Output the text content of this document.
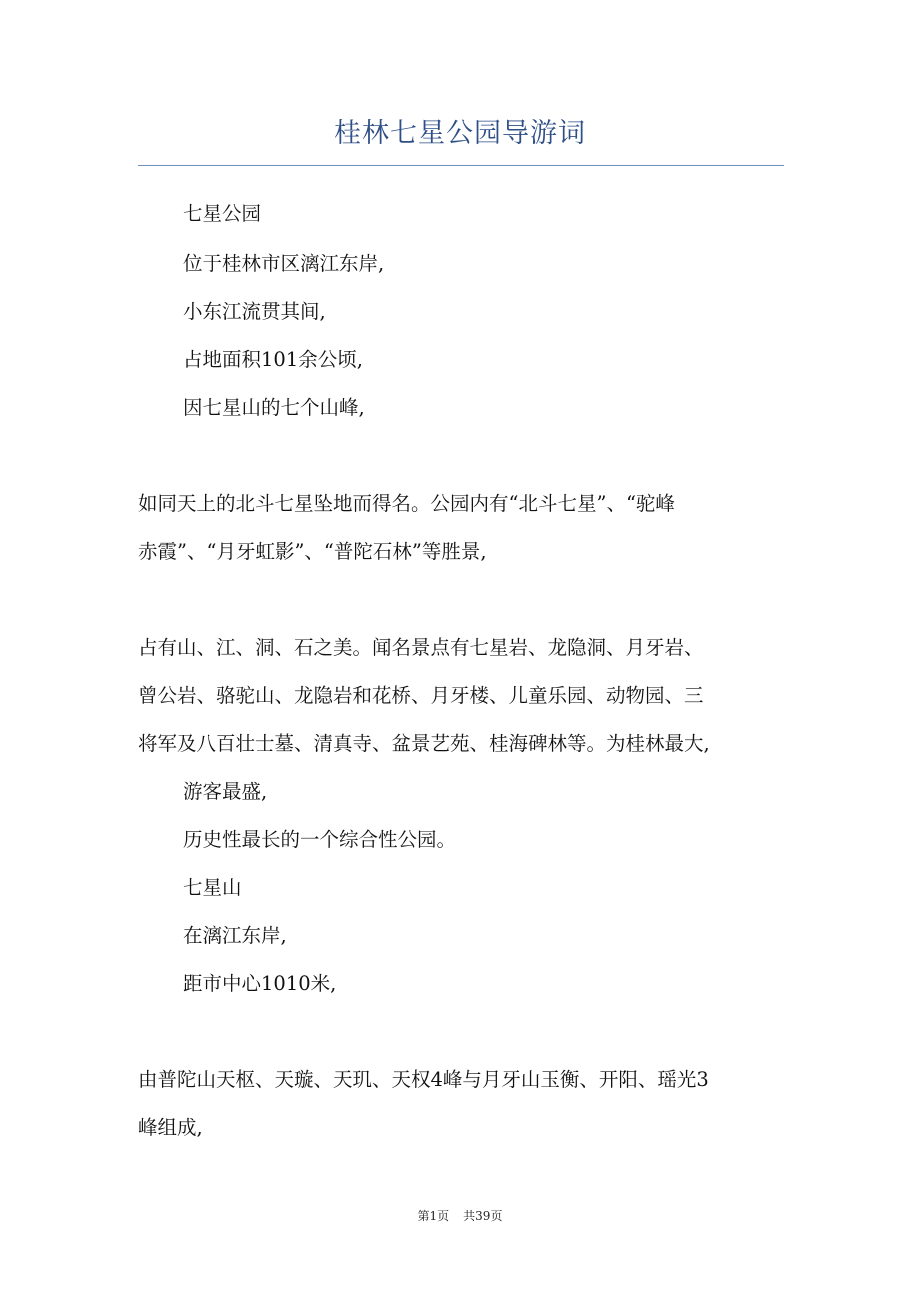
桂林七星公园导游词
七星公园
位于桂林市区漓江东岸,
小东江流贯其间,
占地面积101余公顷,
因七星山的七个山峰,
如同天上的北斗七星坠地而得名。公园内有“北斗七星”、“驼峰
赤霞”、“月牙虹影”、“普陀石林”等胜景,
占有山、江、洞、石之美。闻名景点有七星岩、龙隐洞、月牙岩、
曾公岩、骆驼山、龙隐岩和花桥、月牙楼、儿童乐园、动物园、三
将军及八百壮士墓、清真寺、盆景艺苑、桂海碑林等。为桂林最大,
游客最盛,
历史性最长的一个综合性公园。
七星山
在漓江东岸,
距市中心1010米,
由普陀山天枢、天璇、天玑、天权4峰与月牙山玉衡、开阳、瑶光3
峰组成,
第1页 共39页
